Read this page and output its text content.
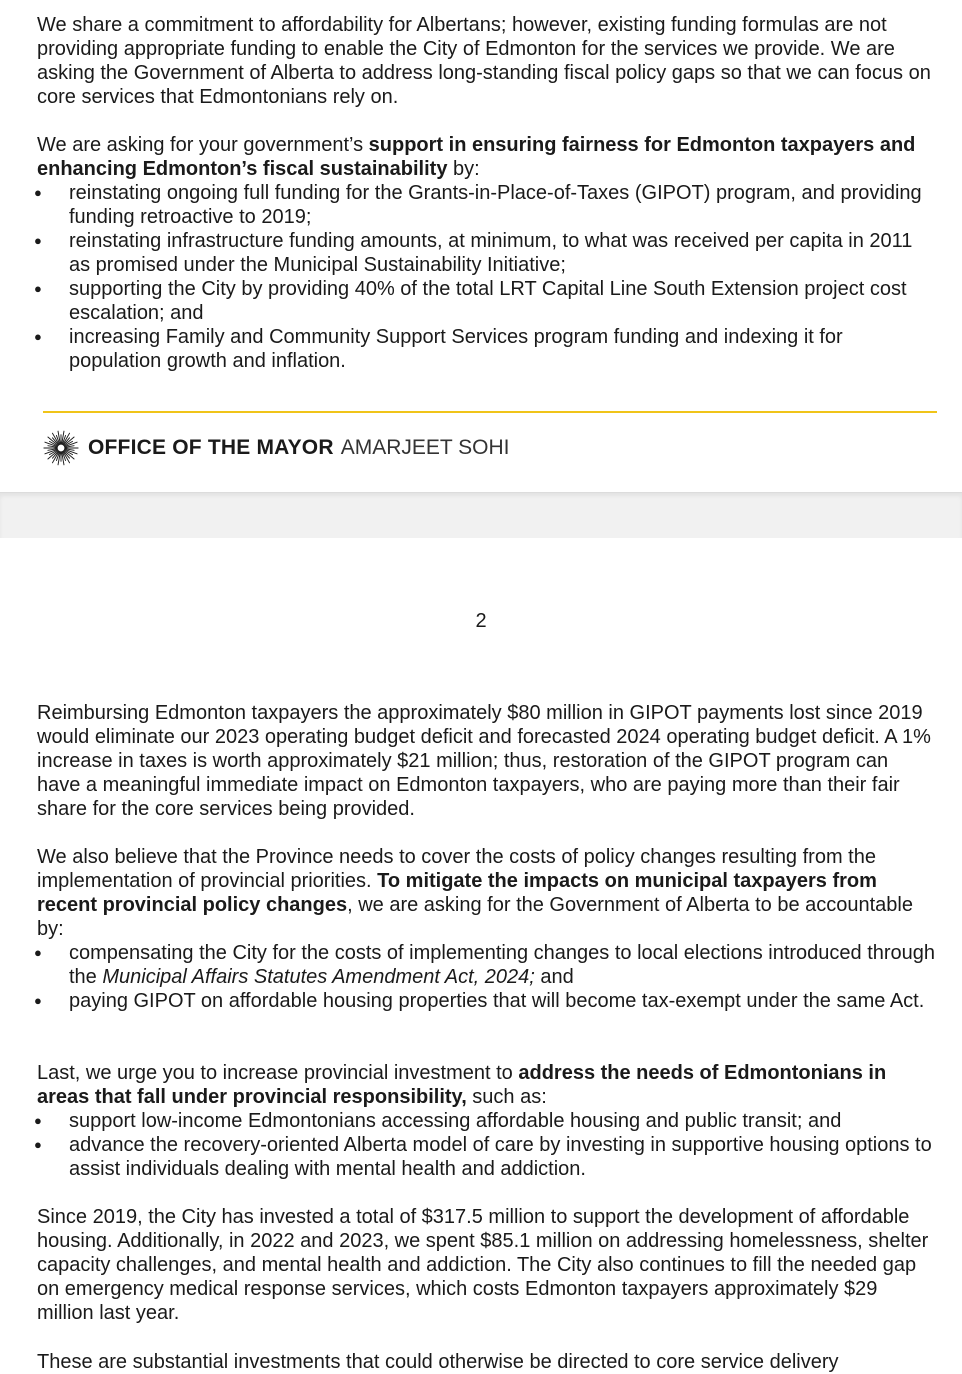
We share a commitment to affordability for Albertans; however, existing funding formulas are not providing appropriate funding to enable the City of Edmonton for the services we provide. We are asking the Government of Alberta to address long-standing fiscal policy gaps so that we can focus on core services that Edmontonians rely on.

We are asking for your government’s support in ensuring fairness for Edmonton taxpayers and enhancing Edmonton’s fiscal sustainability by:

● reinstating ongoing full funding for the Grants-in-Place-of-Taxes (GIPOT) program, and providing funding retroactive to 2019;
● reinstating infrastructure funding amounts, at minimum, to what was received per capita in 2011 as promised under the Municipal Sustainability Initiative;
● supporting the City by providing 40% of the total LRT Capital Line South Extension project cost escalation; and
● increasing Family and Community Support Services program funding and indexing it for population growth and inflation.
OFFICE OF THE MAYOR AMARJEET SOHI
2

Reimbursing Edmonton taxpayers the approximately $80 million in GIPOT payments lost since 2019 would eliminate our 2023 operating budget deficit and forecasted 2024 operating budget deficit. A 1% increase in taxes is worth approximately $21 million; thus, restoration of the GIPOT program can have a meaningful immediate impact on Edmonton taxpayers, who are paying more than their fair share for the core services being provided.

We also believe that the Province needs to cover the costs of policy changes resulting from the implementation of provincial priorities. To mitigate the impacts on municipal taxpayers from recent provincial policy changes, we are asking for the Government of Alberta to be accountable by:

● compensating the City for the costs of implementing changes to local elections introduced through the Municipal Affairs Statutes Amendment Act, 2024; and
● paying GIPOT on affordable housing properties that will become tax-exempt under the same Act.

Last, we urge you to increase provincial investment to address the needs of Edmontonians in areas that fall under provincial responsibility, such as:

● support low-income Edmontonians accessing affordable housing and public transit; and
● advance the recovery-oriented Alberta model of care by investing in supportive housing options to assist individuals dealing with mental health and addiction.

Since 2019, the City has invested a total of $317.5 million to support the development of affordable housing. Additionally, in 2022 and 2023, we spent $85.1 million on addressing homelessness, shelter capacity challenges, and mental health and addiction. The City also continues to fill the needed gap on emergency medical response services, which costs Edmonton taxpayers approximately $29 million last year.

These are substantial investments that could otherwise be directed to core service delivery
